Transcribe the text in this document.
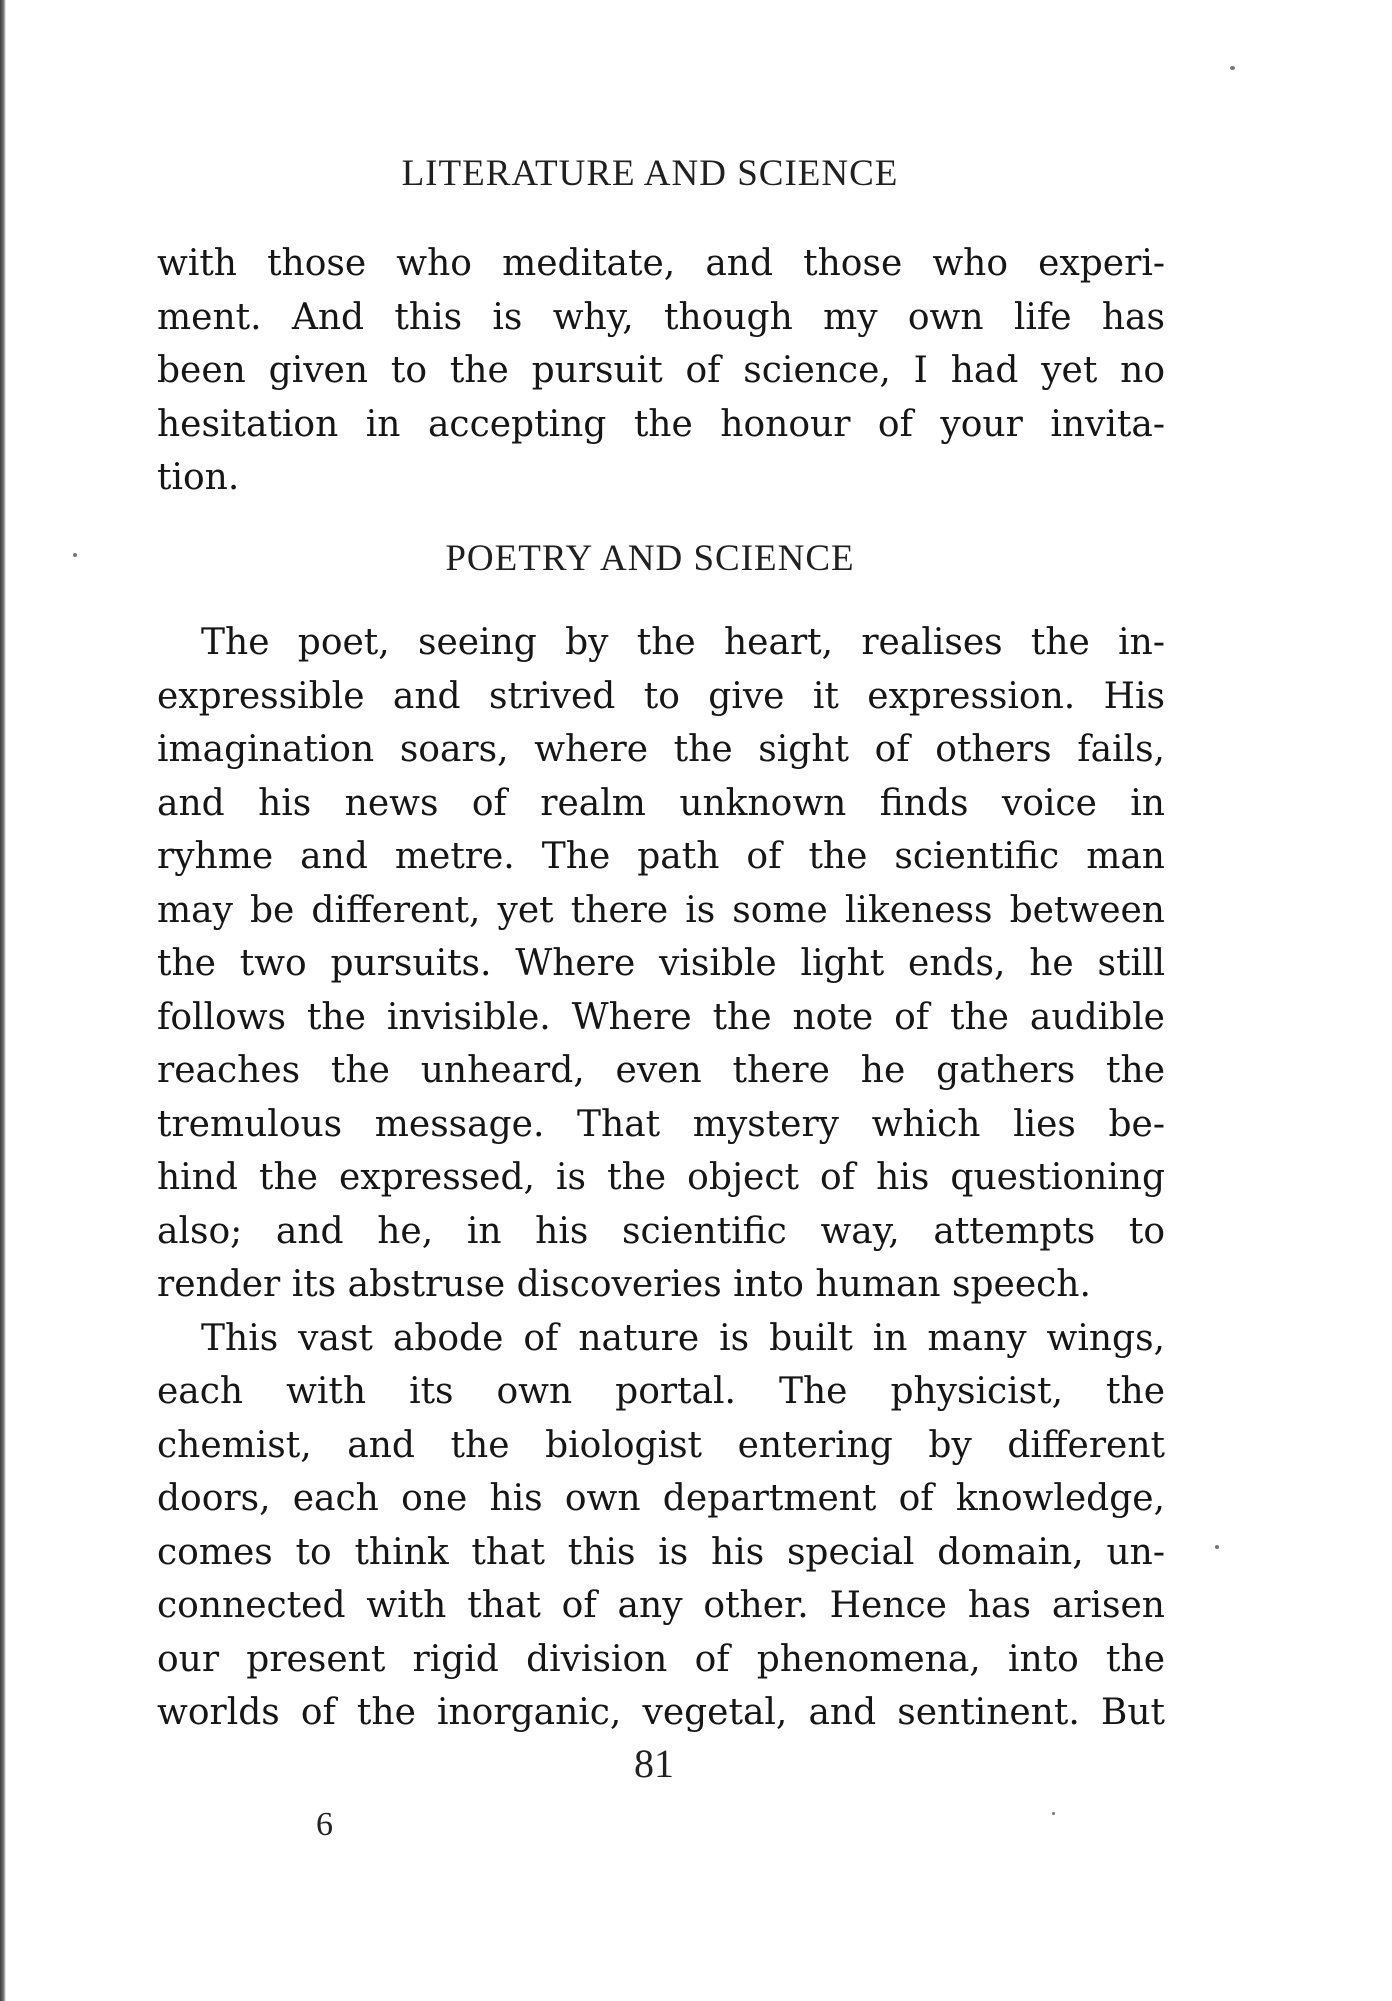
LITERATURE AND SCIENCE
with those who meditate, and those who experi-
ment. And this is why, though my own life has
been given to the pursuit of science, I had yet no
hesitation in accepting the honour of your invita-
tion.
POETRY AND SCIENCE
The poet, seeing by the heart, realises the in-
expressible and strived to give it expression. His
imagination soars, where the sight of others fails,
and his news of realm unknown finds voice in
ryhme and metre. The path of the scientific man
may be different, yet there is some likeness between
the two pursuits. Where visible light ends, he still
follows the invisible. Where the note of the audible
reaches the unheard, even there he gathers the
tremulous message. That mystery which lies be-
hind the expressed, is the object of his questioning
also; and he, in his scientific way, attempts to
render its abstruse discoveries into human speech.
This vast abode of nature is built in many wings,
each with its own portal. The physicist, the
chemist, and the biologist entering by different
doors, each one his own department of knowledge,
comes to think that this is his special domain, un-
connected with that of any other. Hence has arisen
our present rigid division of phenomena, into the
worlds of the inorganic, vegetal, and sentinent. But
81
6
